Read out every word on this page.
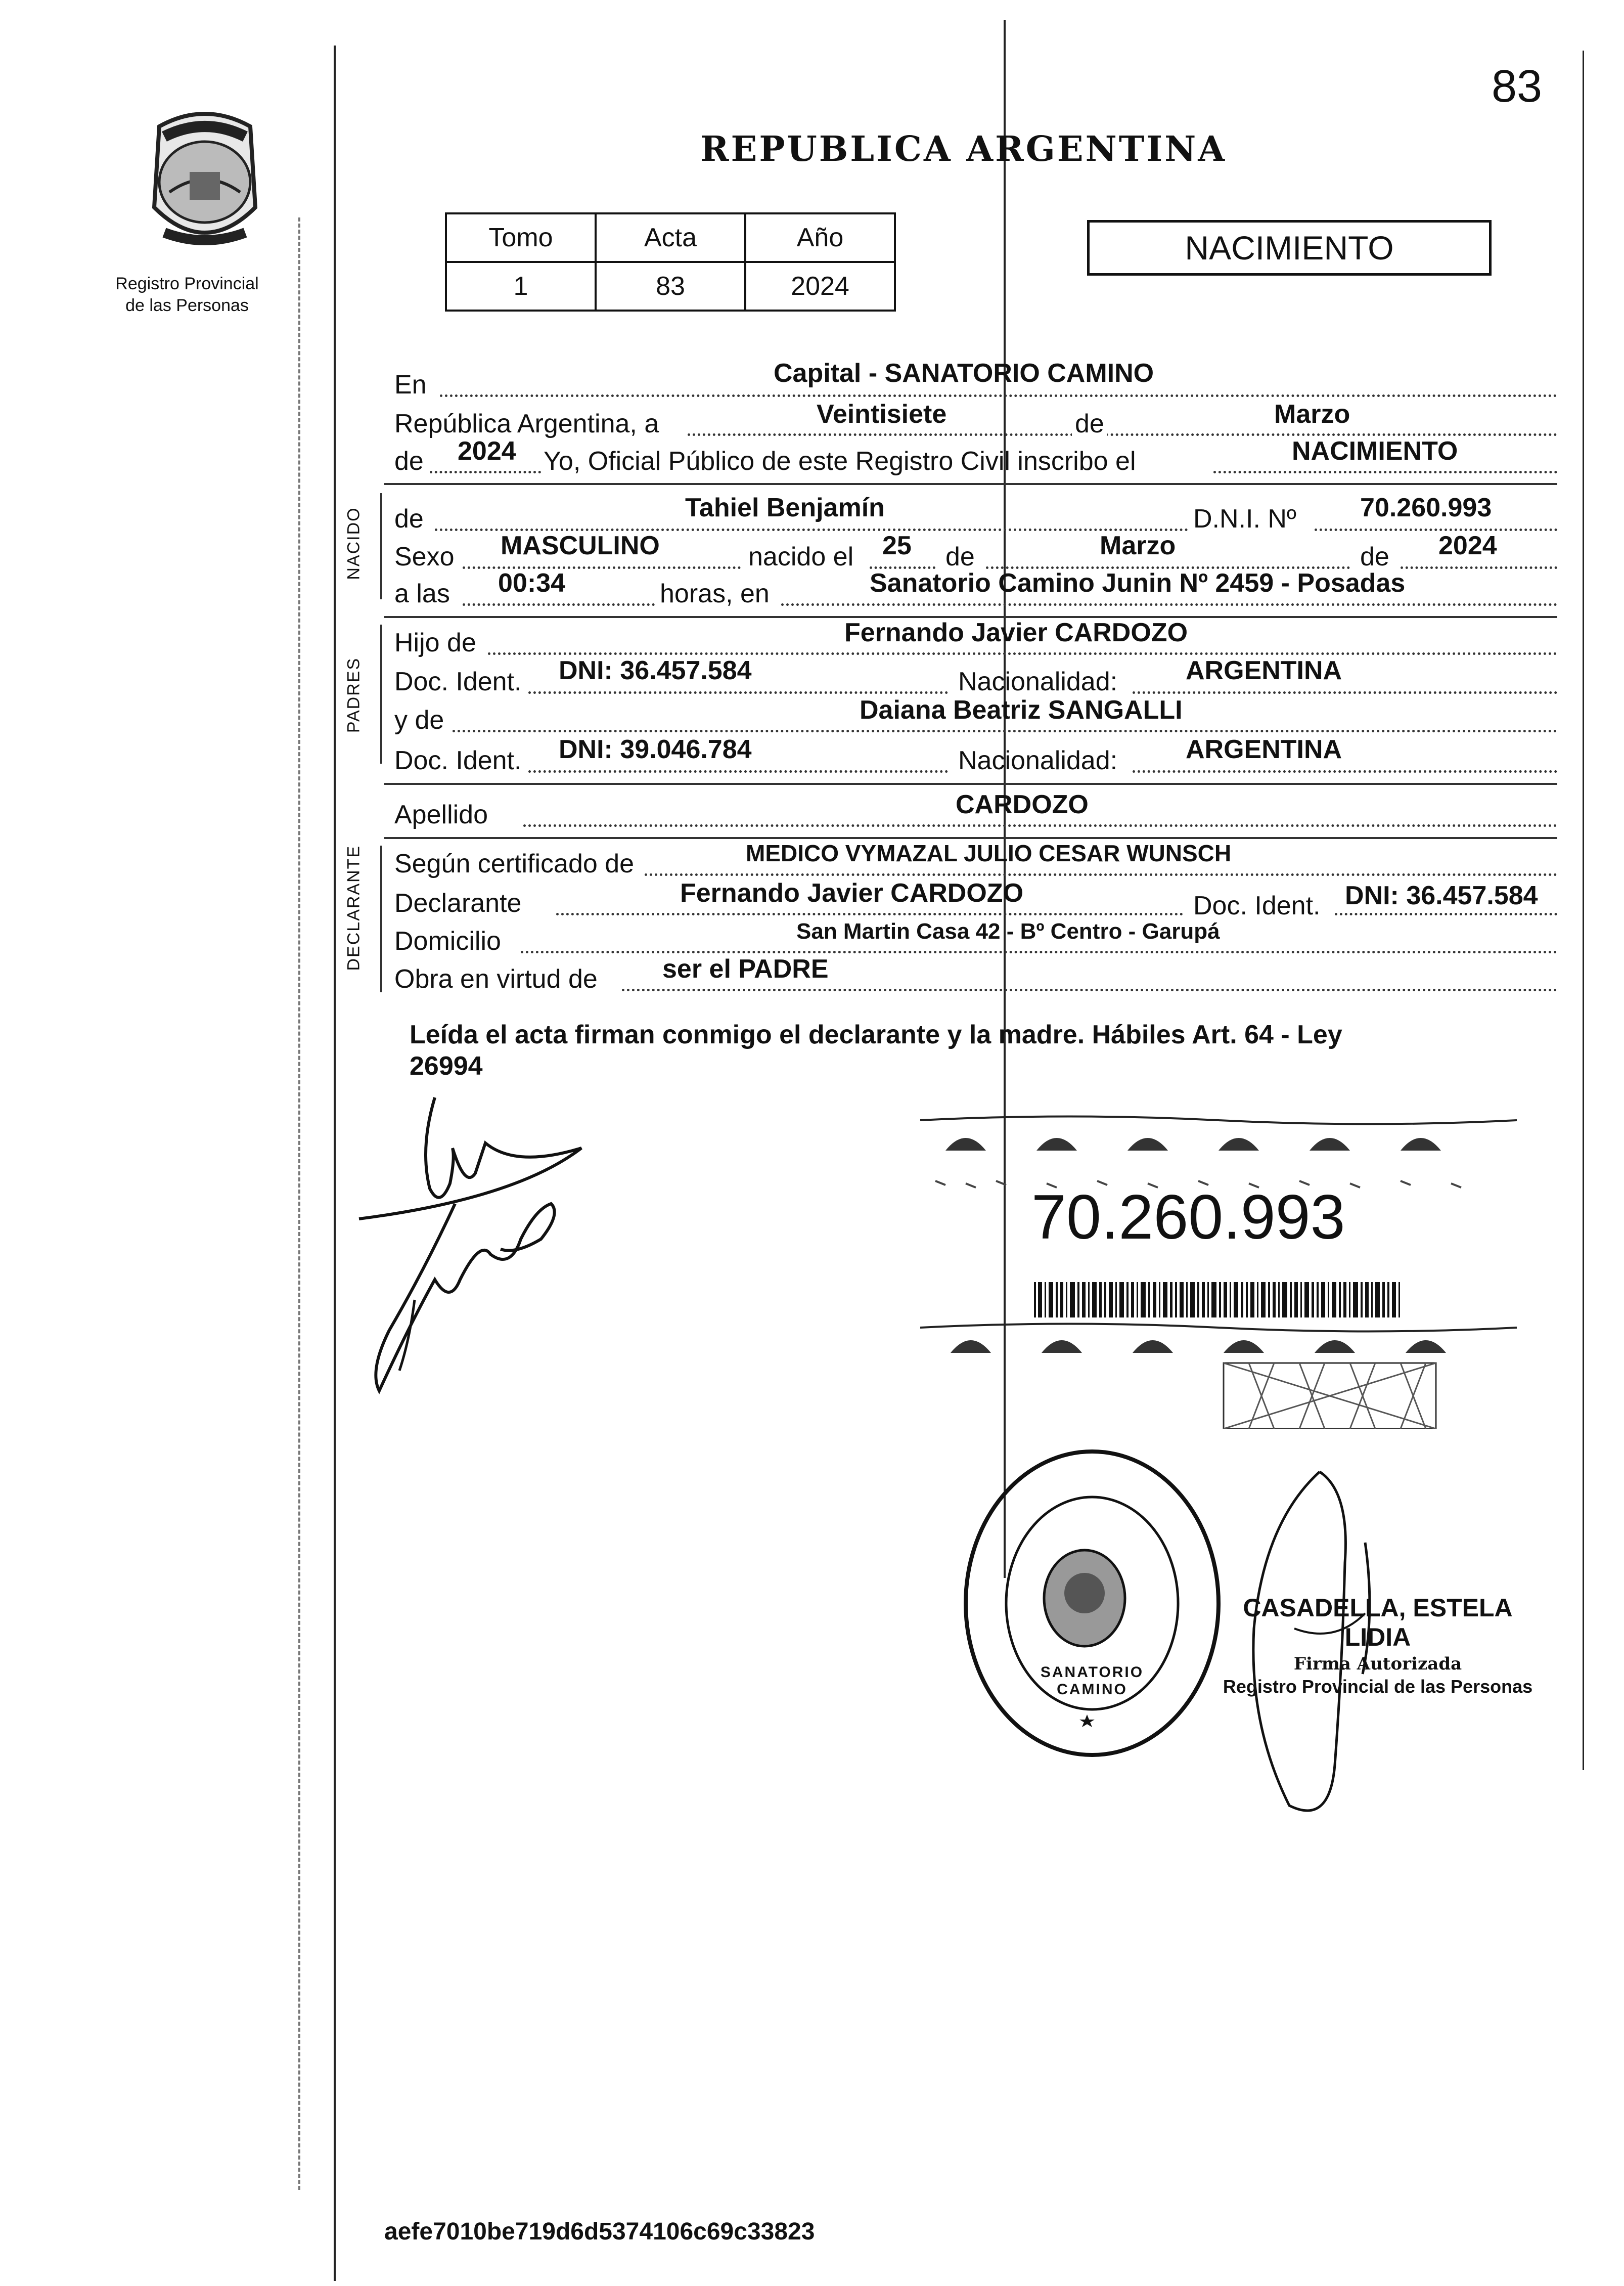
83
Registro Provincial
de las Personas
REPUBLICA ARGENTINA
Tomo	Acta	Año
1	83	2024
NACIMIENTO
En	Capital - SANATORIO CAMINO
República Argentina, a	Veintisiete	de	Marzo
de 2024 Yo, Oficial Público de este Registro Civil inscribo el	NACIMIENTO
NACIDO de	Tahiel Benjamín	D.N.I. Nº 70.260.993
Sexo MASCULINO	nacido el 25 de	Marzo	de 2024
a las 00:34	horas, en	Sanatorio Camino Junin Nº 2459 - Posadas
PADRES
Hijo de	Fernando Javier CARDOZO
Doc. Ident. DNI: 36.457.584	Nacionalidad:	ARGENTINA
y de	Daiana Beatriz SANGALLI
Doc. Ident. DNI: 39.046.784	Nacionalidad:	ARGENTINA
Apellido	CARDOZO
DECLARANTE Según certificado de	MEDICO VYMAZAL JULIO CESAR WUNSCH
Declarante	Fernando Javier CARDOZO	Doc. Ident. DNI: 36.457.584
Domicilio	San Martin Casa 42 - Bº Centro - Garupá
Obra en virtud de ser el PADRE
Leída el acta firman conmigo el declarante y la madre. Hábiles Art. 64 - Ley
26994
70.260.993
SANATORIO CAMINO
CASADELLA, ESTELA LIDIA
Firma Autorizada
Registro Provincial de las Personas
aefe7010be719d6d5374106c69c33823
